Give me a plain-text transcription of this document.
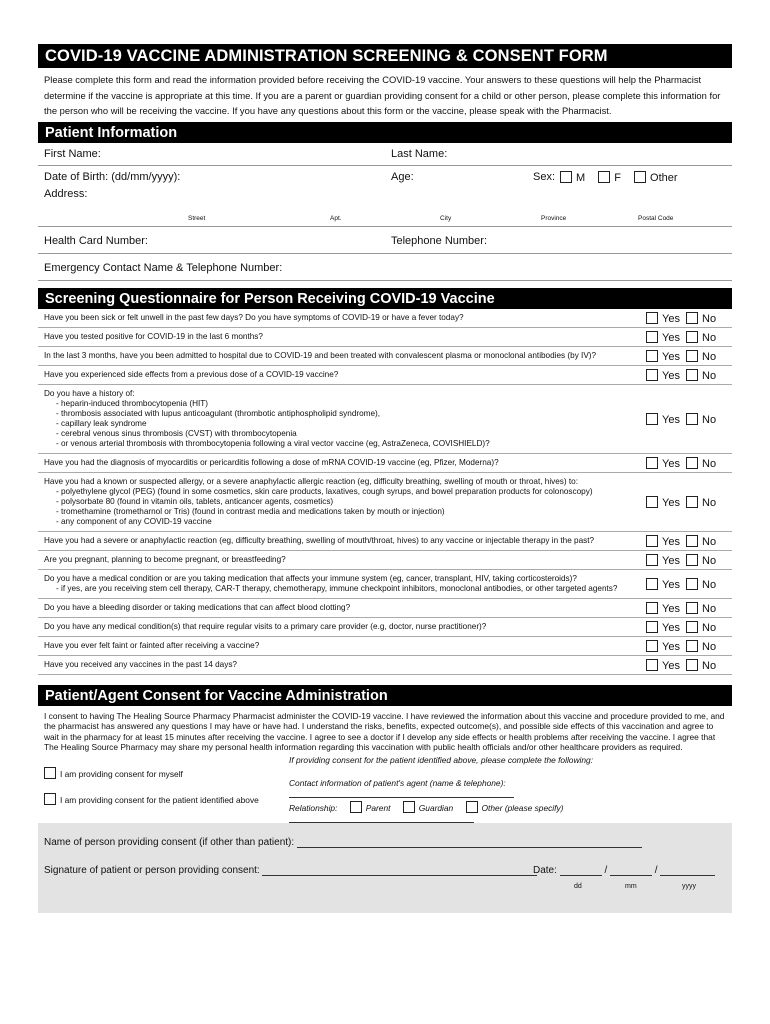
COVID-19 VACCINE ADMINISTRATION SCREENING & CONSENT FORM
Please complete this form and read the information provided before receiving the COVID-19 vaccine. Your answers to these questions will help the Pharmacist determine if the vaccine is appropriate at this time. If you are a parent or guardian providing consent for a child or other person, please complete this information for the person who will be receiving the vaccine. If you have any questions about this form or the vaccine, please speak with the Pharmacist.
Patient Information
First Name:	Last Name:
Date of Birth: (dd/mm/yyyy):	Age:	Sex:	M	F	Other
Address:
Street	Apt.	City	Province	Postal Code
Health Card Number:	Telephone Number:
Emergency Contact Name & Telephone Number:
Screening Questionnaire for Person Receiving COVID-19 Vaccine
Have you been sick or felt unwell in the past few days? Do you have symptoms of COVID-19 or have a fever today?	Yes No
Have you tested positive for COVID-19 in the last 6 months?	Yes No
In the last 3 months, have you been admitted to hospital due to COVID-19 and been treated with convalescent plasma or monoclonal antibodies (by IV)?	Yes No
Have you experienced side effects from a previous dose of a COVID-19 vaccine?	Yes No
Do you have a history of:
- heparin-induced thrombocytopenia (HIT)
- thrombosis associated with lupus anticoagulant (thrombotic antiphospholipid syndrome),
- capillary leak syndrome
- cerebral venous sinus thrombosis (CVST) with thrombocytopenia
- or venous arterial thrombosis with thrombocytopenia following a viral vector vaccine (eg, AstraZeneca, COVISHIELD)?
Yes No
Have you had the diagnosis of myocarditis or pericarditis following a dose of mRNA COVID-19 vaccine (eg, Pfizer, Moderna)?	Yes No
Have you had a known or suspected allergy, or a severe anaphylactic allergic reaction (eg, difficulty breathing, swelling of mouth or throat, hives) to:
- polyethylene glycol (PEG) (found in some cosmetics, skin care products, laxatives, cough syrups, and bowel preparation products for colonoscopy)
- polysorbate 80 (found in vitamin oils, tablets, anticancer agents, cosmetics)
- tromethamine (trometharnol or Tris) (found in contrast media and medications taken by mouth or injection)
- any component of any COVID-19 vaccine
Yes No
Have you had a severe or anaphylactic reaction (eg, difficulty breathing, swelling of mouth/throat, hives) to any vaccine or injectable therapy in the past?	Yes No
Are you pregnant, planning to become pregnant, or breastfeeding?	Yes No
Do you have a medical condition or are you taking medication that affects your immune system (eg, cancer, transplant, HIV, taking corticosteroids)?
- if yes, are you receiving stem cell therapy, CAR-T therapy, chemotherapy, immune checkpoint inhibitors, monoclonal antibodies, or other targeted agents?	Yes No
Do you have a bleeding disorder or taking medications that can affect blood clotting?	Yes No
Do you have any medical condition(s) that require regular visits to a primary care provider (e.g, doctor, nurse practitioner)?	Yes No
Have you ever felt faint or fainted after receiving a vaccine?	Yes No
Have you received any vaccines in the past 14 days?	Yes No
Patient/Agent Consent for Vaccine Administration
I consent to having The Healing Source Pharmacy Pharmacist administer the COVID-19 vaccine. I have reviewed the information about this vaccine and procedure provided to me, and the pharmacist has answered any questions I may have or have had. I understand the risks, benefits, expected outcome(s), and possible side effects of this vaccination and agree to wait in the pharmacy for at least 15 minutes after receiving the vaccine. I agree to see a doctor if I develop any side effects or health problems after receiving the vaccine. I agree that The Healing Source Pharmacy may share my personal health information regarding this vaccination with public health officials and/or other healthcare providers as required.
I am providing consent for myself
I am providing consent for the patient identified above
If providing consent for the patient identified above, please complete the following:
Contact information of patient's agent (name & telephone):
Relationship:	Parent	Guardian	Other (please specify)
Name of person providing consent (if other than patient):
Signature of patient or person providing consent:	Date:	/	/
dd	mm	yyyy
